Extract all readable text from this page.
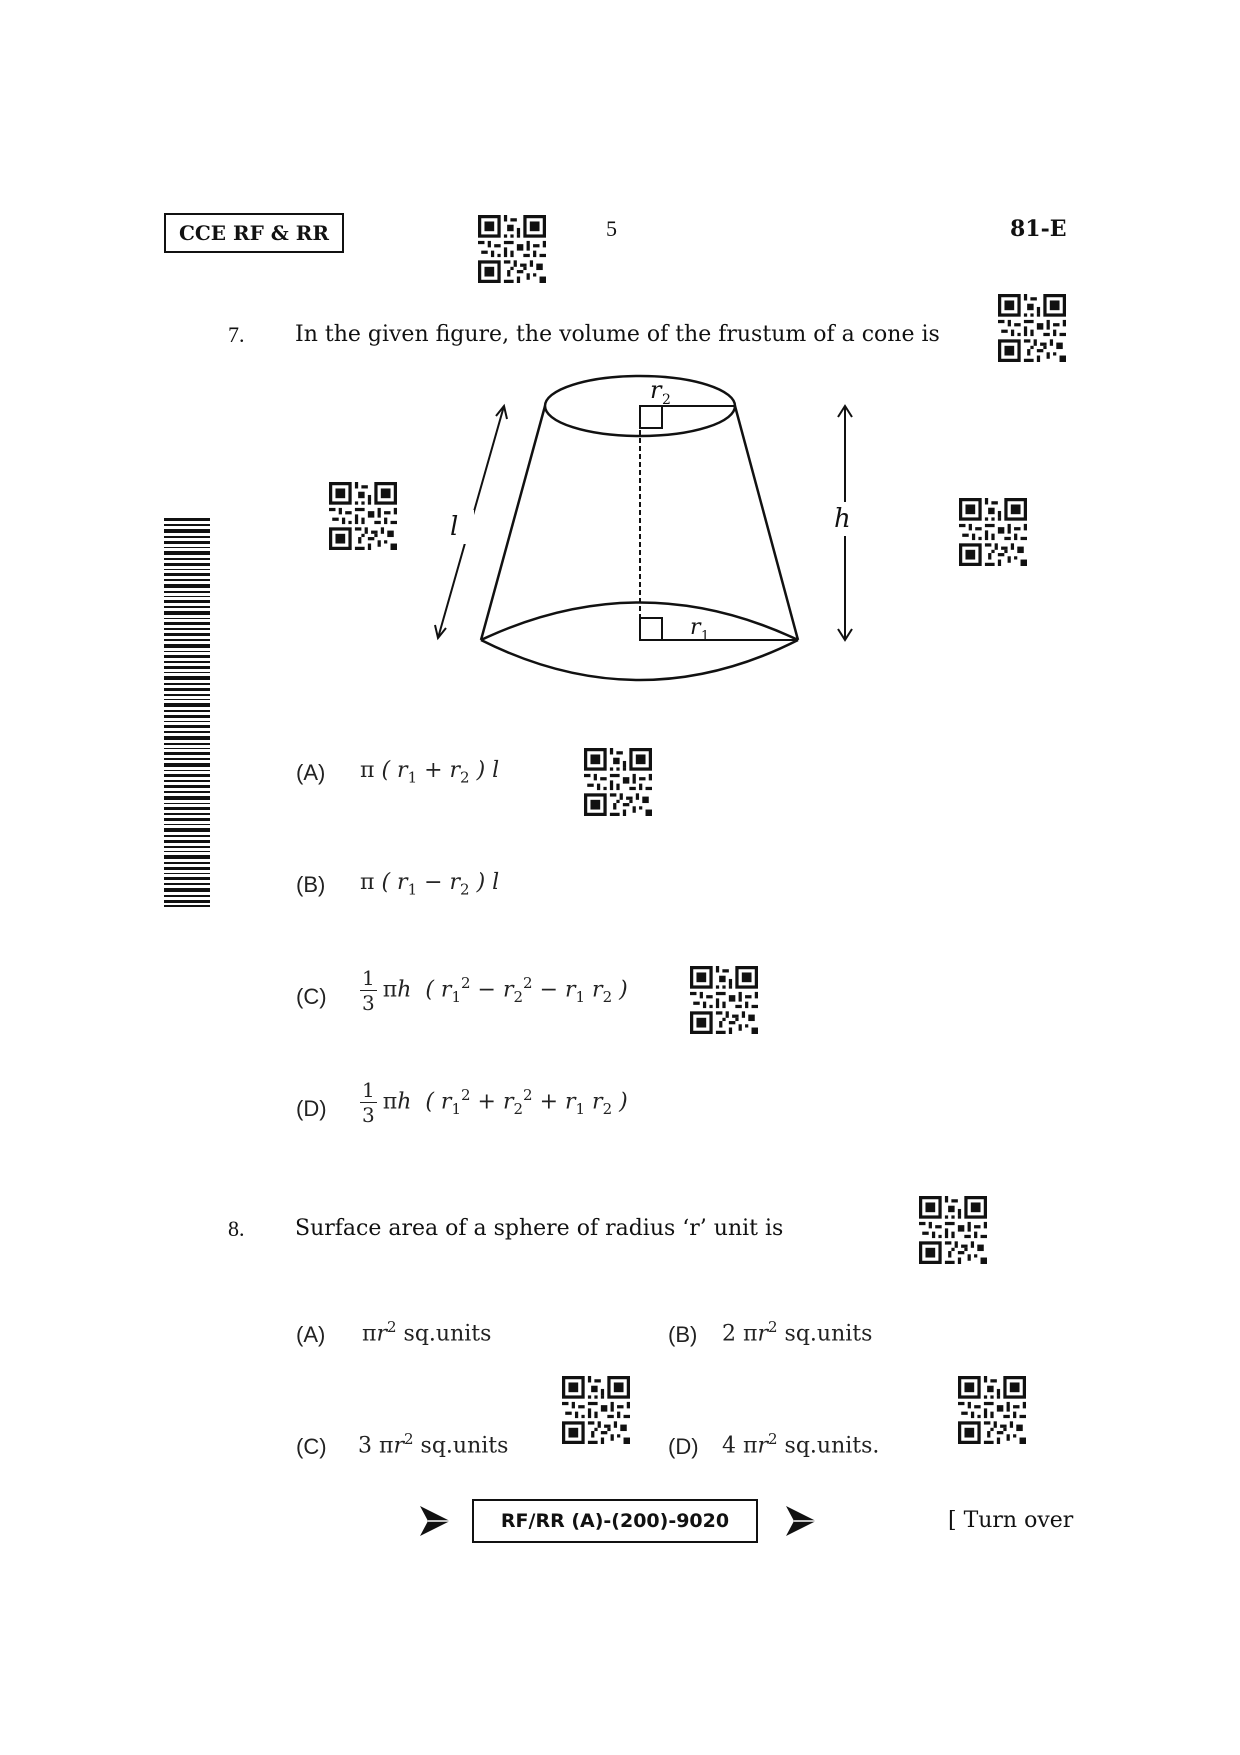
CCE RF & RR	5	81-E
7. In the given figure, the volume of the frustum of a cone is
r 2
r 1
l	h
(A) π ( $r_1 + r_2$ ) l
(B) π ( $r_1 - r_2$ ) l
$(C) \frac{1}{3}$ πh  ( $r_1^2 - r_2^2 - r_1$ $r_2$ )
$(D) \frac{1}{3}$ πh  ( $r_1^2 + r_2^2 + r_1$ $r_2$ )
8. Surface area of a sphere of radius ‘r’ unit is
(A) $\pi r^2$ sq.units	(B) 2 $\pi r^2$ sq.units
(C) 3 $\pi r^2$ sq.units	(D) 4 $\pi r^2$ sq.units.
RF/RR (A)-(200)-9020	[ Turn over
